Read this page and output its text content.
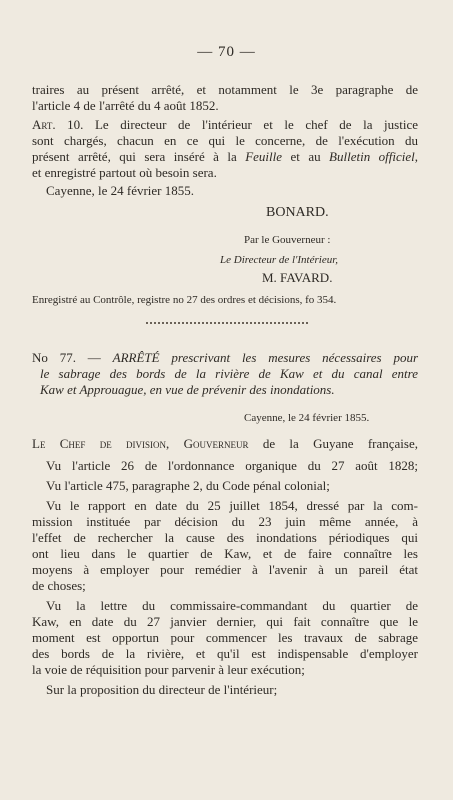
— 70 —
traires au présent arrêté, et notamment le 3e paragraphe de
l'article 4 de l'arrêté du 4 août 1852.
Art. 10. Le directeur de l'intérieur et le chef de la justice
sont chargés, chacun en ce qui le concerne, de l'exécution du
présent arrêté, qui sera inséré à la Feuille et au Bulletin officiel,
et enregistré partout où besoin sera.
Cayenne, le 24 février 1855.
BONARD.
Par le Gouverneur :
Le Directeur de l'Intérieur,
M. FAVARD.
Enregistré au Contrôle, registre no 27 des ordres et décisions, fo 354.
No 77. — ARRÊTÉ prescrivant les mesures nécessaires pour
le sabrage des bords de la rivière de Kaw et du canal entre
Kaw et Approuague, en vue de prévenir des inondations.
Cayenne, le 24 février 1855.
Le Chef de division, Gouverneur de la Guyane française,
Vu l'article 26 de l'ordonnance organique du 27 août 1828;
Vu l'article 475, paragraphe 2, du Code pénal colonial;
Vu le rapport en date du 25 juillet 1854, dressé par la com-
mission instituée par décision du 23 juin même année, à
l'effet de rechercher la cause des inondations périodiques qui
ont lieu dans le quartier de Kaw, et de faire connaître les
moyens à employer pour remédier à l'avenir à un pareil état
de choses;
Vu la lettre du commissaire-commandant du quartier de
Kaw, en date du 27 janvier dernier, qui fait connaître que le
moment est opportun pour commencer les travaux de sabrage
des bords de la rivière, et qu'il est indispensable d'employer
la voie de réquisition pour parvenir à leur exécution;
Sur la proposition du directeur de l'intérieur;
